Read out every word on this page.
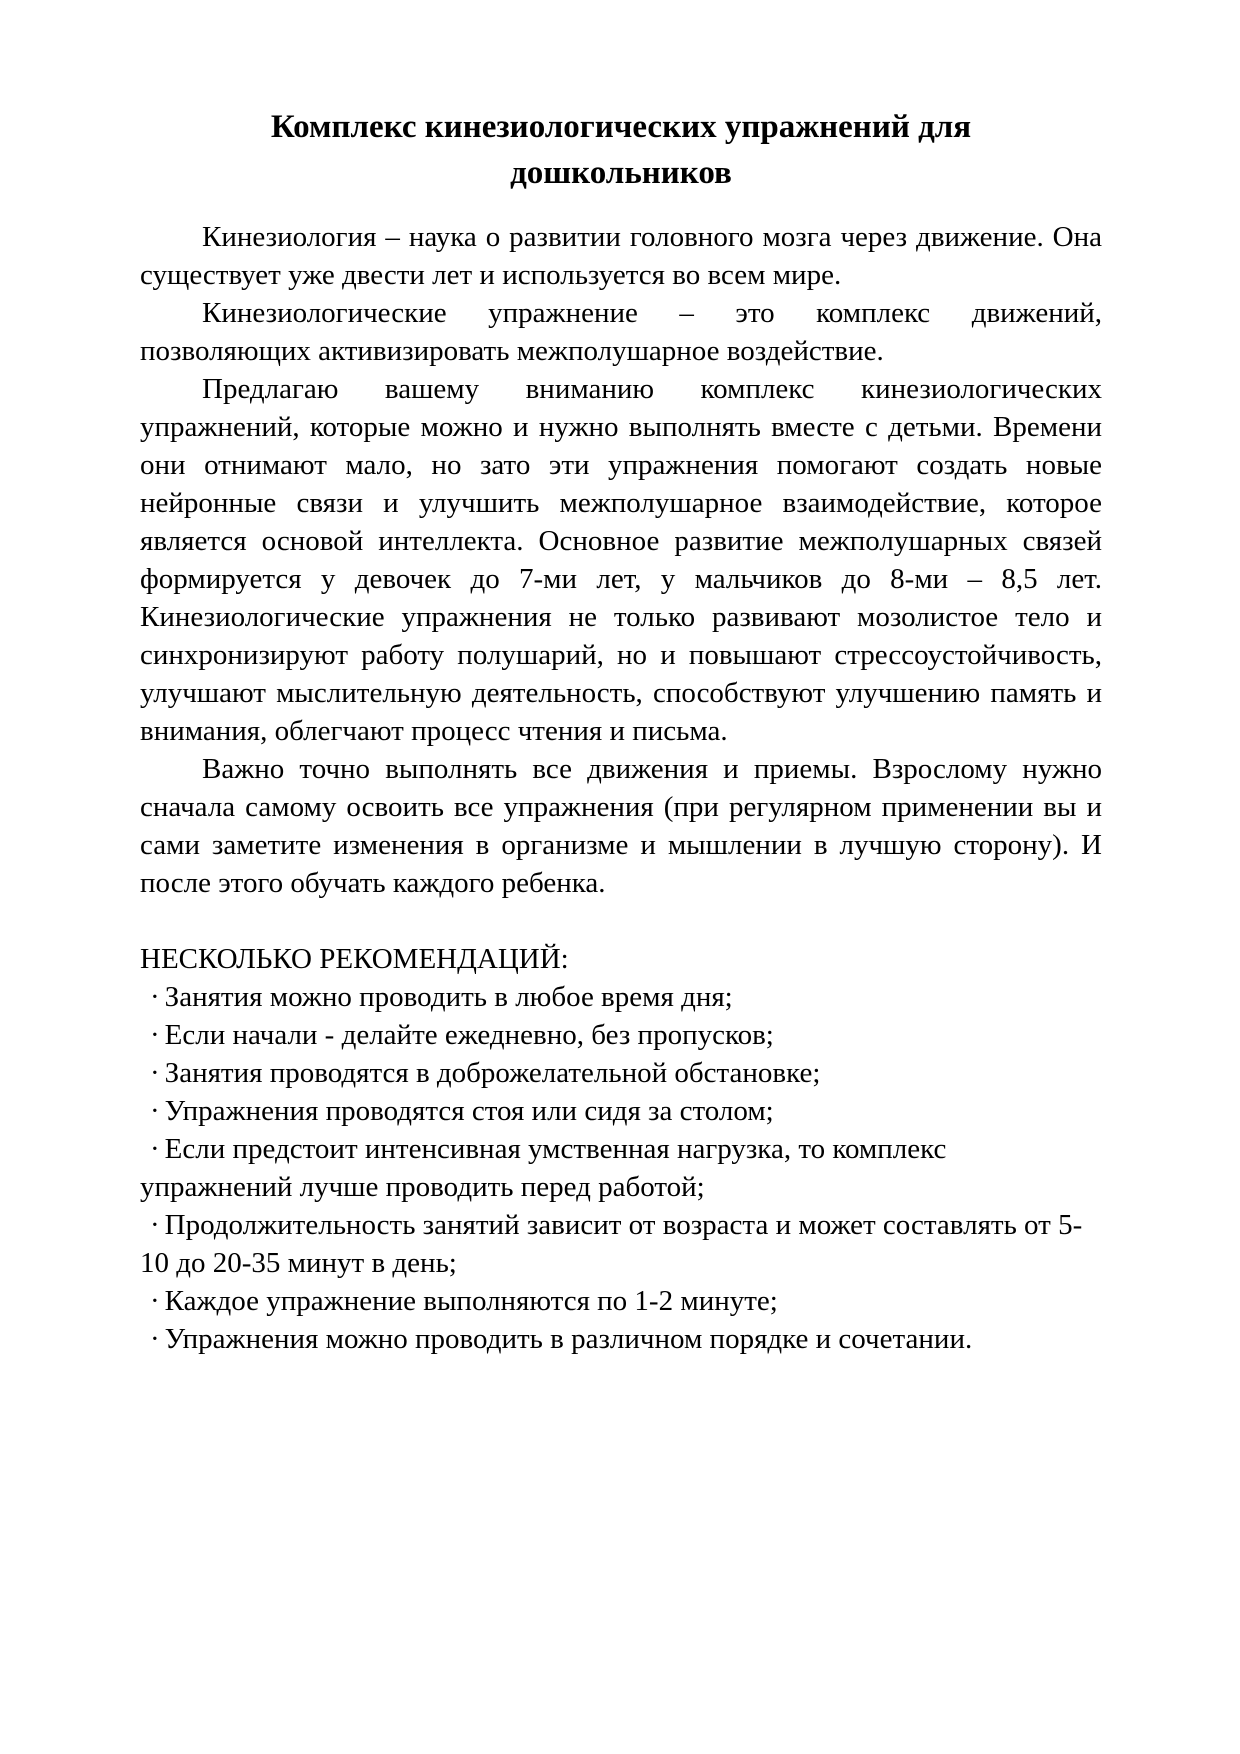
Комплекс кинезиологических упражнений для
дошкольников

Кинезиология – наука о развитии головного мозга через движение. Она существует уже двести лет и используется во всем мире.

Кинезиологические упражнение – это комплекс движений, позволяющих активизировать межполушарное воздействие.

Предлагаю вашему вниманию комплекс кинезиологических упражнений, которые можно и нужно выполнять вместе с детьми. Времени они отнимают мало, но зато эти упражнения помогают создать новые нейронные связи и улучшить межполушарное взаимодействие, которое является основой интеллекта. Основное развитие межполушарных связей формируется у девочек до 7-ми лет, у мальчиков до 8-ми – 8,5 лет. Кинезиологические упражнения не только развивают мозолистое тело и синхронизируют работу полушарий, но и повышают стрессоустойчивость, улучшают мыслительную деятельность, способствуют улучшению память и внимания, облегчают процесс чтения и письма.

Важно точно выполнять все движения и приемы. Взрослому нужно сначала самому освоить все упражнения (при регулярном применении вы и сами заметите изменения в организме и мышлении в лучшую сторону). И после этого обучать каждого ребенка.

НЕСКОЛЬКО РЕКОМЕНДАЦИЙ:

· Занятия можно проводить в любое время дня;
· Если начали - делайте ежедневно, без пропусков;
· Занятия проводятся в доброжелательной обстановке;
· Упражнения проводятся стоя или сидя за столом;
· Если предстоит интенсивная умственная нагрузка, то комплекс упражнений лучше проводить перед работой;
· Продолжительность занятий зависит от возраста и может составлять от 5-10 до 20-35 минут в день;
· Каждое упражнение выполняются по 1-2 минуте;
· Упражнения можно проводить в различном порядке и сочетании.
